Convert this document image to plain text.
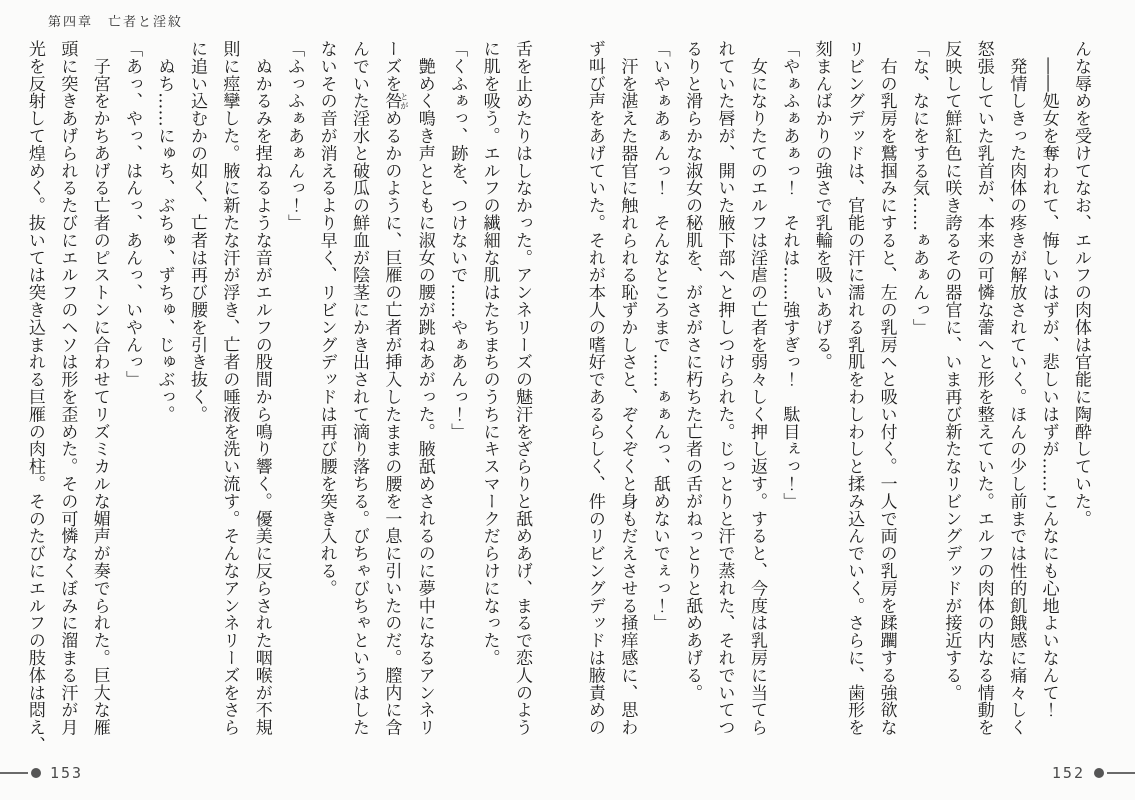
第四章　亡者と淫紋

んな辱めを受けてなお、エルフの肉体は官能に陶酔していた。

　――処女を奪われて、悔しいはずが、悲しいはずが……こんなにも心地よいなんて！

　発情しきった肉体の疼きが解放されていく。ほんの少し前までは性的飢餓感に痛々しく

怒張していた乳首が、本来の可憐な蕾へと形を整えていた。エルフの肉体の内なる情動を

反映して鮮紅色に咲き誇るその器官に、いま再び新たなリビングデッドが接近する。

「な、なにをする気……ぁあぁんっ」

　右の乳房を鷲掴みにすると、左の乳房へと吸い付く。一人で両の乳房を蹂躙する強欲な

リビングデッドは、官能の汗に濡れる乳肌をわしわしと揉み込んでいく。さらに、歯形を

刻まんばかりの強さで乳輪を吸いあげる。

「やぁふぁあぁっ！　それは……強すぎっ！　駄目ぇっ！」

　女になりたてのエルフは淫虐の亡者を弱々しく押し返す。すると、今度は乳房に当てら

れていた唇が、開いた腋下部へと押しつけられた。じっとりと汗で蒸れた、それでいてつ

るりと滑らかな淑女の秘肌を、がさがさに朽ちた亡者の舌がねっとりと舐めあげる。

「いやぁあぁんっ！　そんなところまで……ぁぁんっ、舐めないでぇっ！」

　汗を湛えた器官に触れられる恥ずかしさと、ぞくぞくと身もだえさせる掻痒感に、思わ

ず叫び声をあげていた。それが本人の嗜好であるらしく、件のリビングデッドは腋責めの

舌を止めたりはしなかった。アンネリーズの魅汗をざらりと舐めあげ、まるで恋人のよう

に肌を吸う。エルフの繊細な肌はたちまちのうちにキスマークだらけになった。

「くふぁっ、跡を、つけないで……やぁあんっ！」

　艶めく鳴き声とともに淑女の腰が跳ねあがった。腋舐めされるのに夢中になるアンネリ

ーズを咎とがめるかのように、巨雁の亡者が挿入したままの腰を一息に引いたのだ。膣内に含

んでいた淫水と破瓜の鮮血が陰茎にかき出されて滴り落ちる。びちゃびちゃというはした

ないその音が消えるより早く、リビングデッドは再び腰を突き入れる。

「ふっふぁあぁんっ！」

　ぬかるみを捏ねるような音がエルフの股間から鳴り響く。優美に反らされた咽喉が不規

則に痙攣した。腋に新たな汗が浮き、亡者の唾液を洗い流す。そんなアンネリーズをさら

に追い込むかの如く、亡者は再び腰を引き抜く。

　ぬち……にゅち、ぶちゅ、ずちゅ、じゅぶっ。

「あっ、やっ、はんっ、あんっ、いやんっ」

　子宮をかちあげる亡者のピストンに合わせてリズミカルな媚声が奏でられた。巨大な雁

頭に突きあげられるたびにエルフのヘソは形を歪めた。その可憐なくぼみに溜まる汗が月

光を反射して煌めく。抜いては突き込まれる巨雁の肉柱。そのたびにエルフの肢体は悶え、

153	152
